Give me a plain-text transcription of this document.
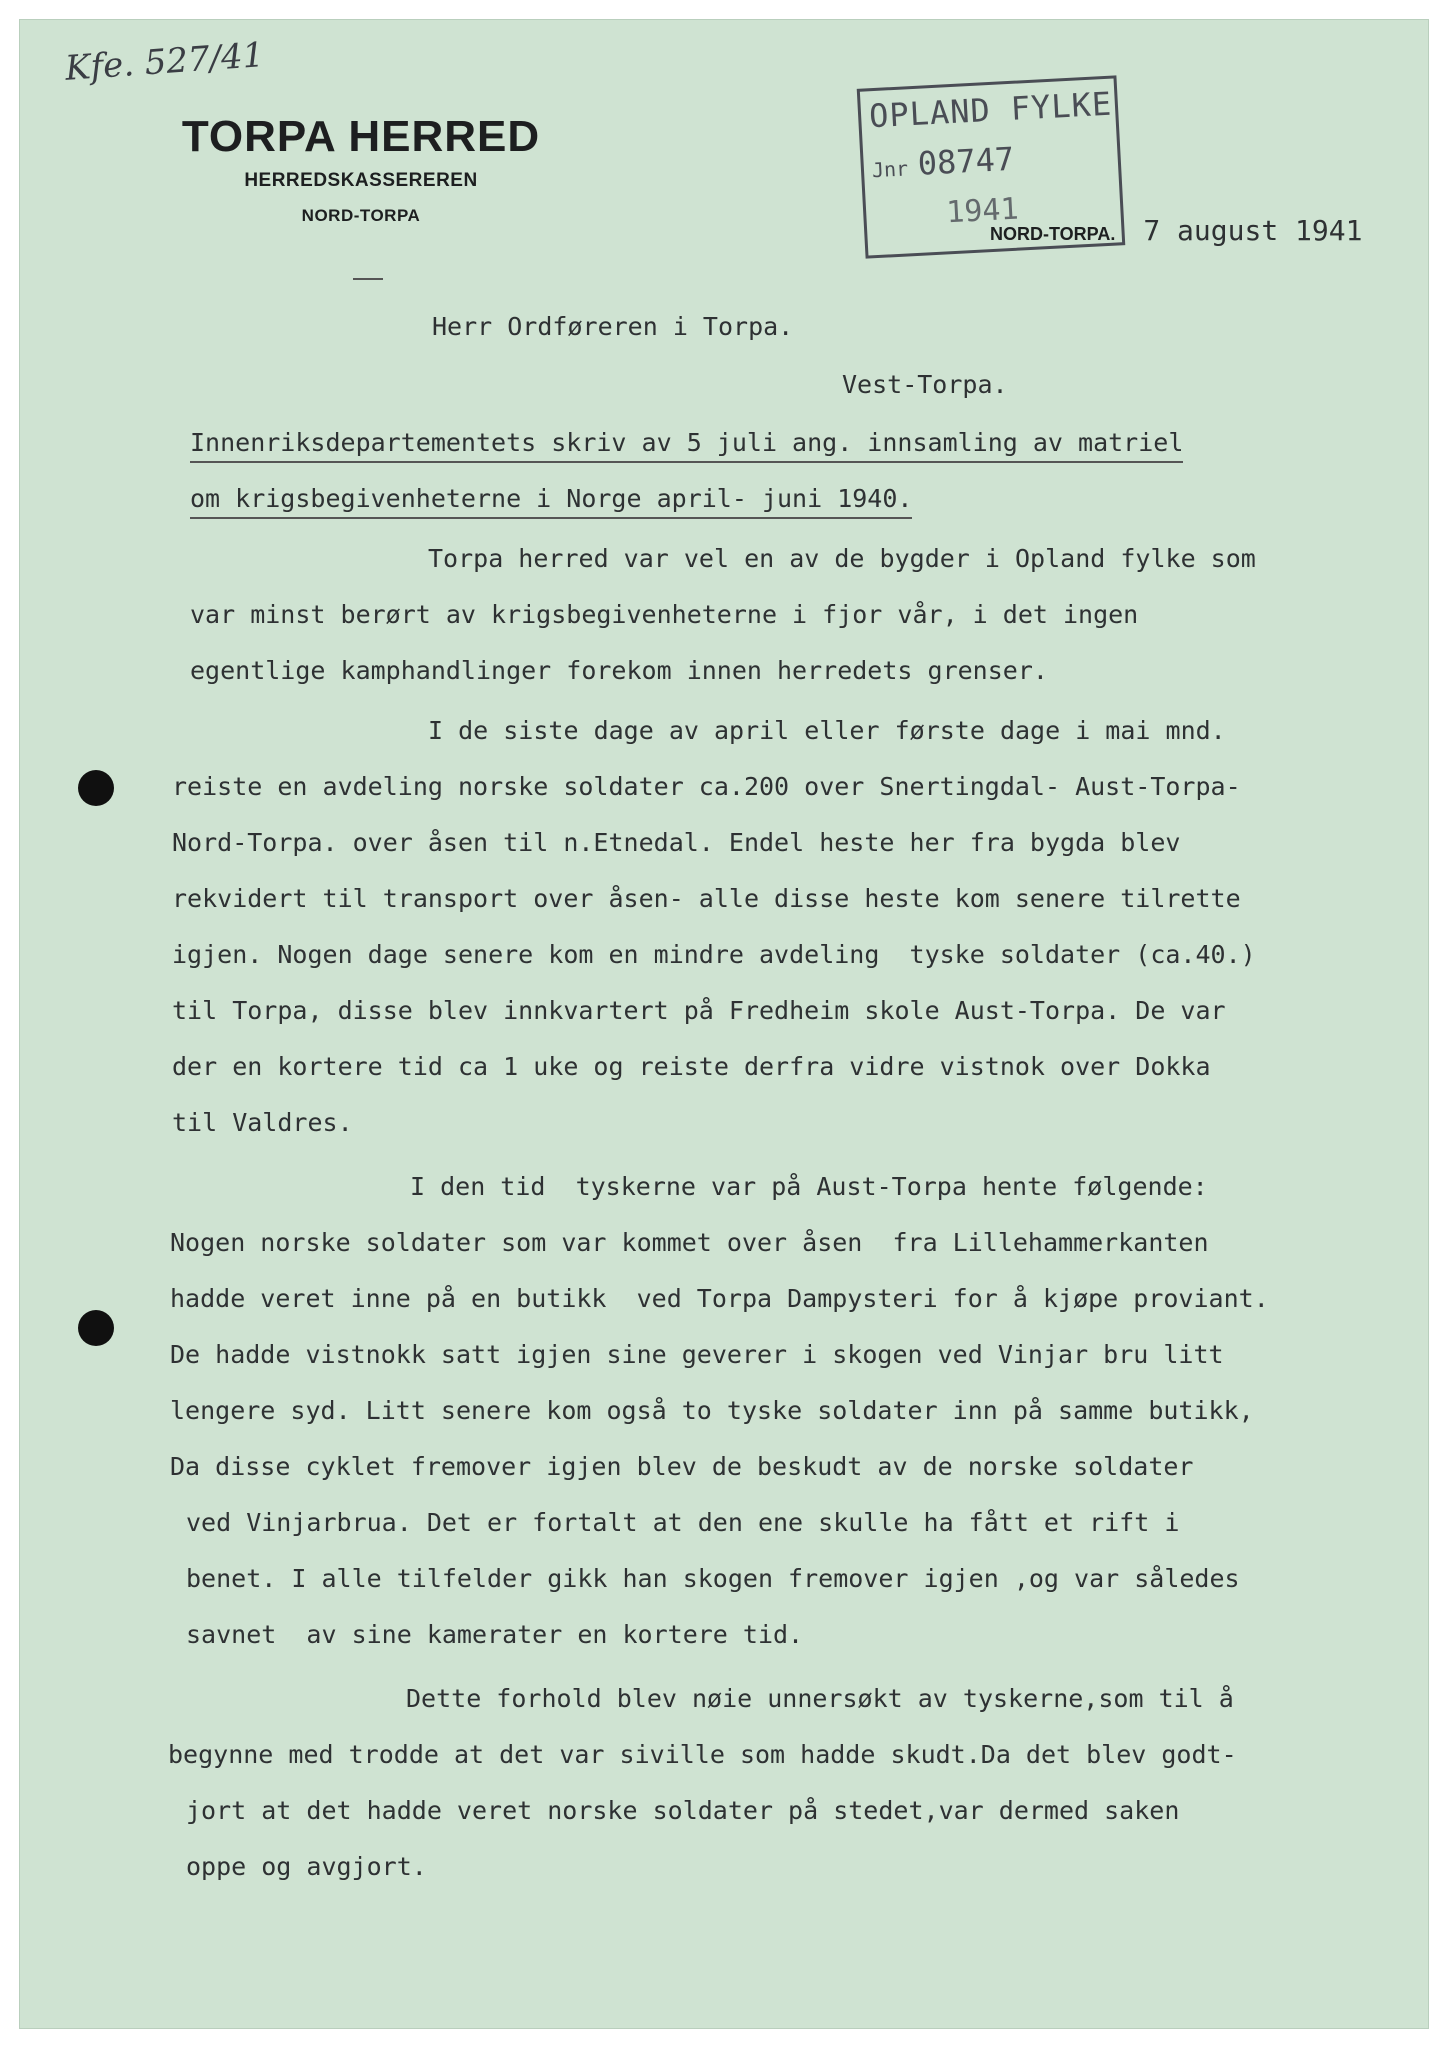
Kfe. 527/41
TORPA HERRED
HERREDSKASSEREREN
NORD-TORPA
OPLAND FYLKE
Jnr 08747
1941
NORD-TORPA. 7 august 1941
Herr Ordføreren i Torpa.
Vest-Torpa.
Innenriksdepartementets skriv av 5 juli ang. innsamling av matriel
om krigsbegivenheterne i Norge april- juni 1940.
Torpa herred var vel en av de bygder i Opland fylke som
var minst berørt av krigsbegivenheterne i fjor vår, i det ingen
egentlige kamphandlinger forekom innen herredets grenser.
I de siste dage av april eller første dage i mai mnd.
reiste en avdeling norske soldater ca.200 over Snertingdal- Aust-Torpa-
Nord-Torpa. over åsen til n.Etnedal. Endel heste her fra bygda blev
rekvidert til transport over åsen- alle disse heste kom senere tilrette
igjen. Nogen dage senere kom en mindre avdeling  tyske soldater (ca.40.)
til Torpa, disse blev innkvartert på Fredheim skole Aust-Torpa. De var
der en kortere tid ca 1 uke og reiste derfra vidre vistnok over Dokka
til Valdres.
I den tid  tyskerne var på Aust-Torpa hente følgende:
Nogen norske soldater som var kommet over åsen  fra Lillehammerkanten
hadde veret inne på en butikk  ved Torpa Dampysteri for å kjøpe proviant.
De hadde vistnokk satt igjen sine geverer i skogen ved Vinjar bru litt
lengere syd. Litt senere kom også to tyske soldater inn på samme butikk,
Da disse cyklet fremover igjen blev de beskudt av de norske soldater
ved Vinjarbrua. Det er fortalt at den ene skulle ha fått et rift i
benet. I alle tilfelder gikk han skogen fremover igjen ,og var således
savnet  av sine kamerater en kortere tid.
Dette forhold blev nøie unnersøkt av tyskerne,som til å
begynne med trodde at det var siville som hadde skudt.Da det blev godt-
jort at det hadde veret norske soldater på stedet,var dermed saken
oppe og avgjort.
